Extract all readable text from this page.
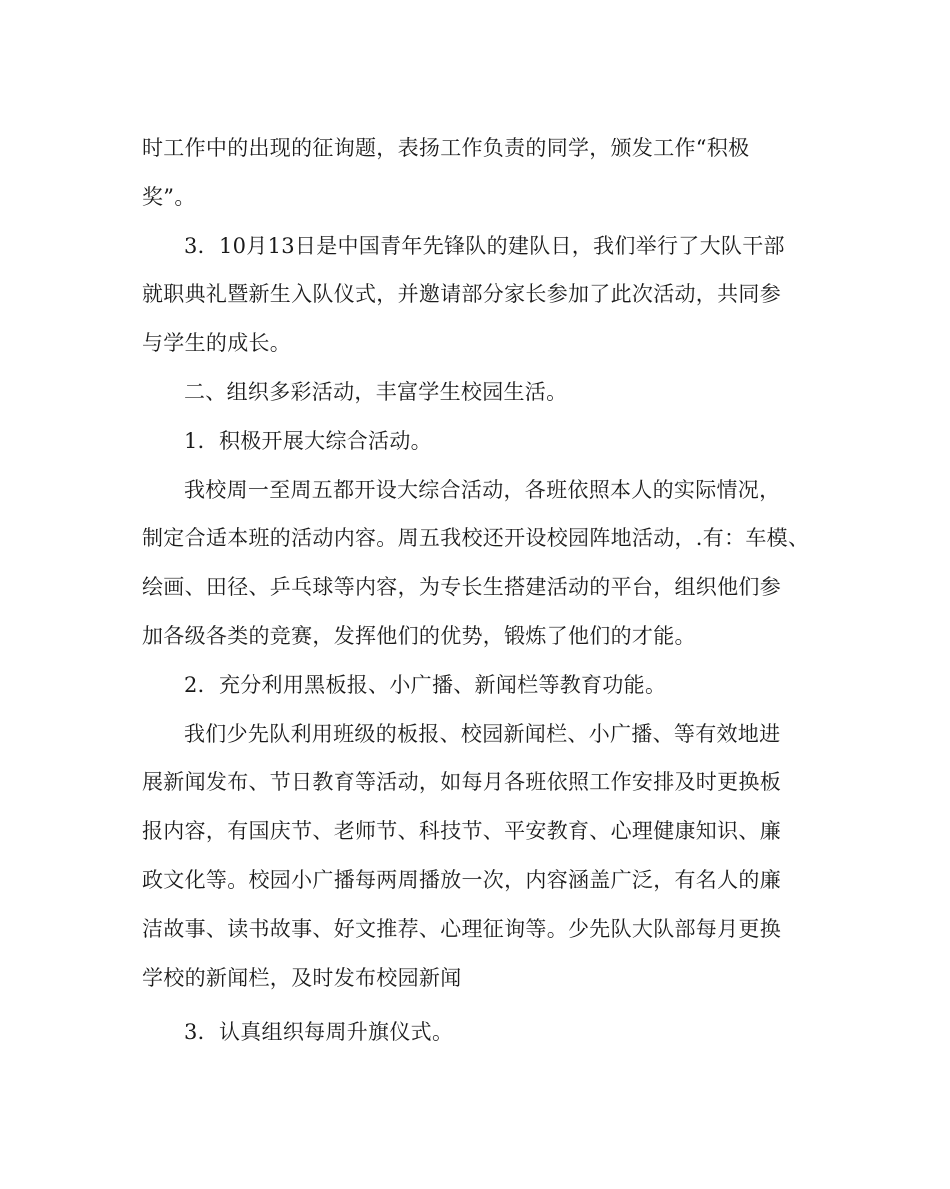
时工作中的出现的征询题，表扬工作负责的同学，颁发工作“积极
奖”。
3．10月13日是中国青年先锋队的建队日，我们举行了大队干部
就职典礼暨新生入队仪式，并邀请部分家长参加了此次活动，共同参
与学生的成长。
二、组织多彩活动，丰富学生校园生活。
1．积极开展大综合活动。
我校周一至周五都开设大综合活动，各班依照本人的实际情况，
制定合适本班的活动内容。周五我校还开设校园阵地活动，.有：车模、
绘画、田径、乒乓球等内容，为专长生搭建活动的平台，组织他们参
加各级各类的竞赛，发挥他们的优势，锻炼了他们的才能。
2．充分利用黑板报、小广播、新闻栏等教育功能。
我们少先队利用班级的板报、校园新闻栏、小广播、等有效地进
展新闻发布、节日教育等活动，如每月各班依照工作安排及时更换板
报内容，有国庆节、老师节、科技节、平安教育、心理健康知识、廉
政文化等。校园小广播每两周播放一次，内容涵盖广泛，有名人的廉
洁故事、读书故事、好文推荐、心理征询等。少先队大队部每月更换
学校的新闻栏，及时发布校园新闻
3．认真组织每周升旗仪式。
